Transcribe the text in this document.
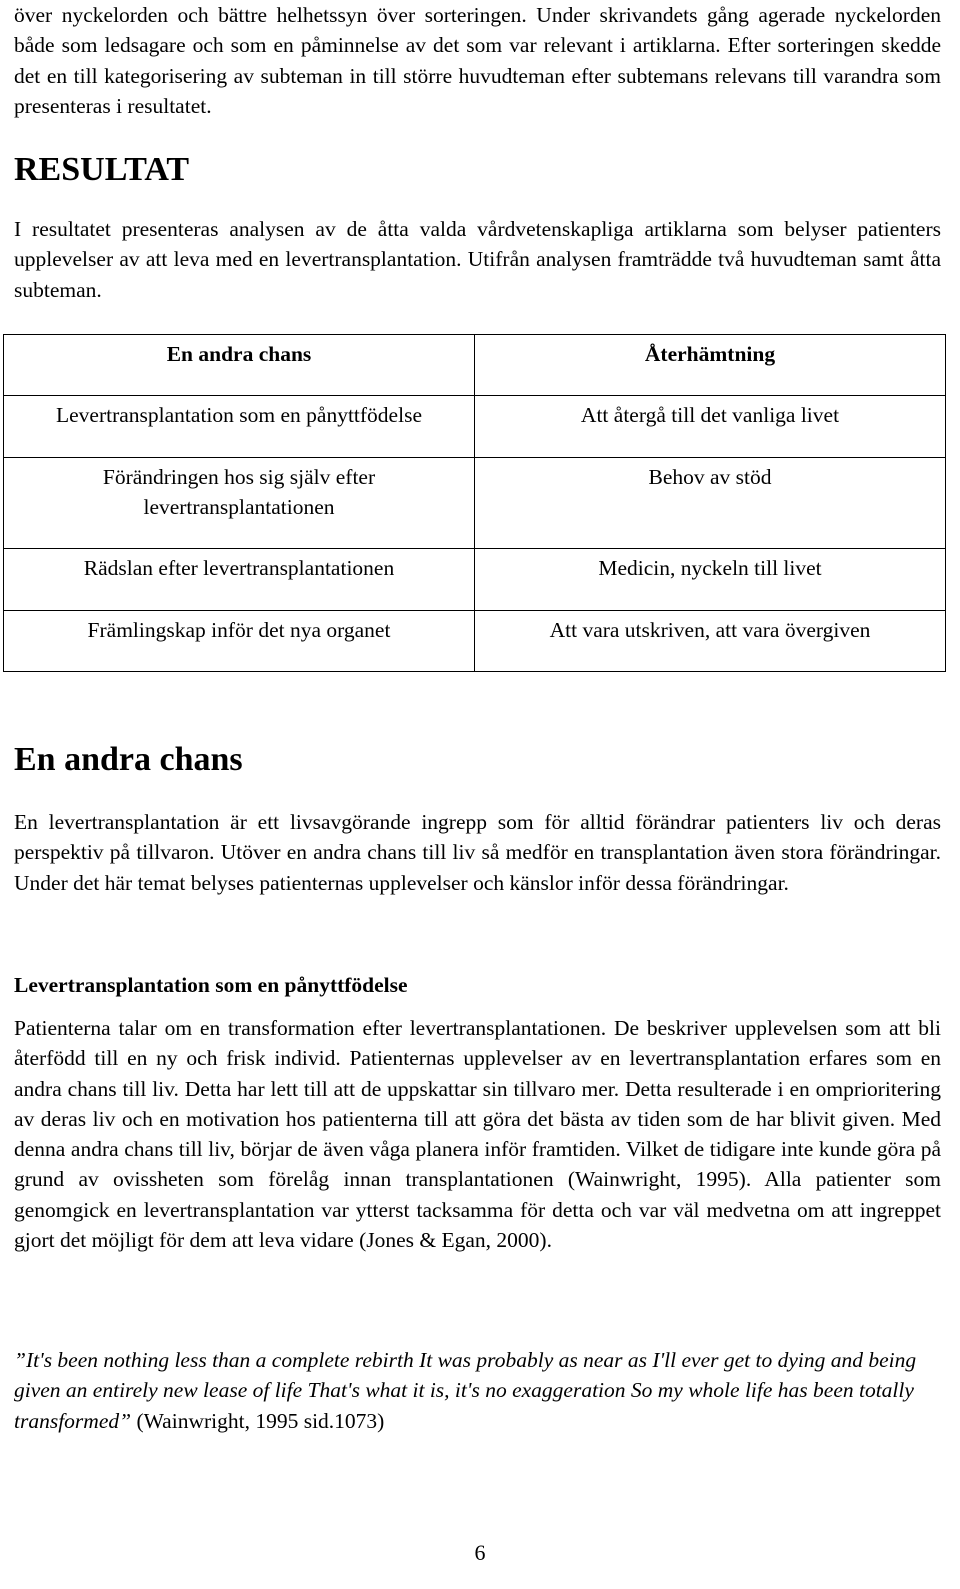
över nyckelorden och bättre helhetssyn över sorteringen. Under skrivandets gång agerade nyckelorden både som ledsagare och som en påminnelse av det som var relevant i artiklarna. Efter sorteringen skedde det en till kategorisering av subteman in till större huvudteman efter subtemans relevans till varandra som presenteras i resultatet.

RESULTAT

I resultatet presenteras analysen av de åtta valda vårdvetenskapliga artiklarna som belyser patienters upplevelser av att leva med en levertransplantation. Utifrån analysen framträdde två huvudteman samt åtta subteman.

En andra chans	Återhämtning
Levertransplantation som en pånyttfödelse	Att återgå till det vanliga livet
Förändringen hos sig själv efter levertransplantationen	Behov av stöd
Rädslan efter levertransplantationen	Medicin, nyckeln till livet
Främlingskap inför det nya organet	Att vara utskriven, att vara övergiven
En andra chans

En levertransplantation är ett livsavgörande ingrepp som för alltid förändrar patienters liv och deras perspektiv på tillvaron. Utöver en andra chans till liv så medför en transplantation även stora förändringar. Under det här temat belyses patienternas upplevelser och känslor inför dessa förändringar.

Levertransplantation som en pånyttfödelse

Patienterna talar om en transformation efter levertransplantationen. De beskriver upplevelsen som att bli återfödd till en ny och frisk individ. Patienternas upplevelser av en levertransplantation erfares som en andra chans till liv. Detta har lett till att de uppskattar sin tillvaro mer. Detta resulterade i en omprioritering av deras liv och en motivation hos patienterna till att göra det bästa av tiden som de har blivit given. Med denna andra chans till liv, börjar de även våga planera inför framtiden. Vilket de tidigare inte kunde göra på grund av ovissheten som förelåg innan transplantationen (Wainwright, 1995). Alla patienter som genomgick en levertransplantation var ytterst tacksamma för detta och var väl medvetna om att ingreppet gjort det möjligt för dem att leva vidare (Jones & Egan, 2000).

”It's been nothing less than a complete rebirth It was probably as near as I'll ever get to dying and being given an entirely new lease of life That's what it is, it's no exaggeration So my whole life has been totally transformed” (Wainwright, 1995 sid.1073)

6
